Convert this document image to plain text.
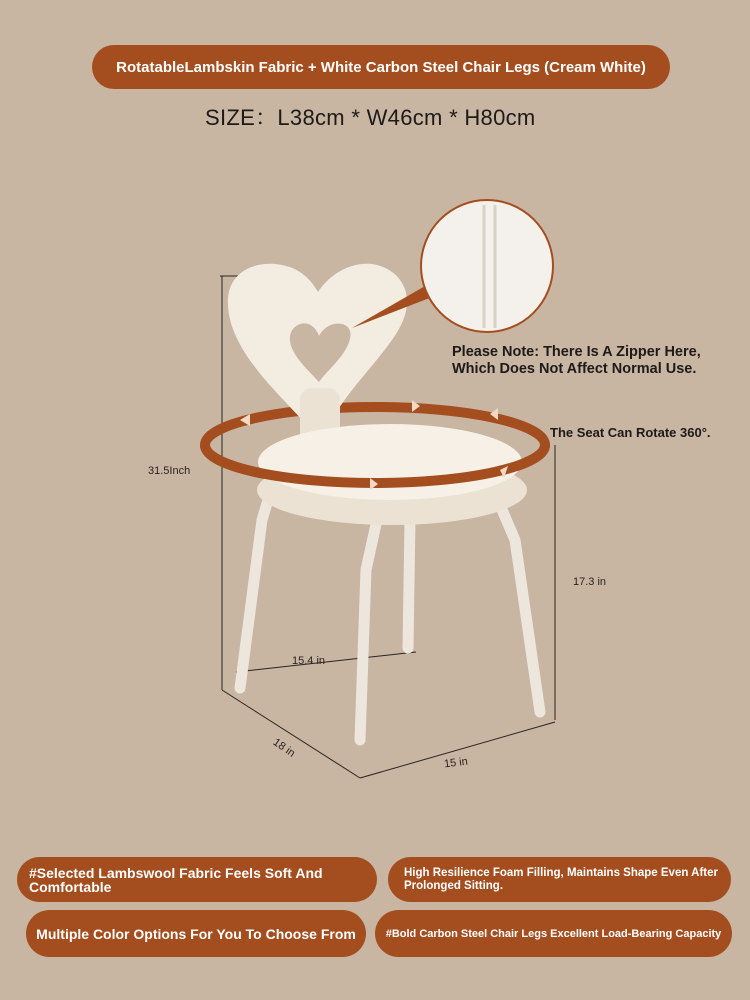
RotatableLambskin Fabric + White Carbon Steel Chair Legs (Cream White)
SIZE：L38cm * W46cm * H80cm
Please Note: There Is A Zipper Here, Which Does Not Affect Normal Use.
The Seat Can Rotate 360°.
31.5Inch
17.3 in
15.4 in
18 in
15 in
#Selected Lambswool Fabric Feels Soft And Comfortable
High Resilience Foam Filling, Maintains Shape Even After Prolonged Sitting.
Multiple Color Options For You To Choose From	#Bold Carbon Steel Chair Legs Excellent Load-Bearing Capacity
